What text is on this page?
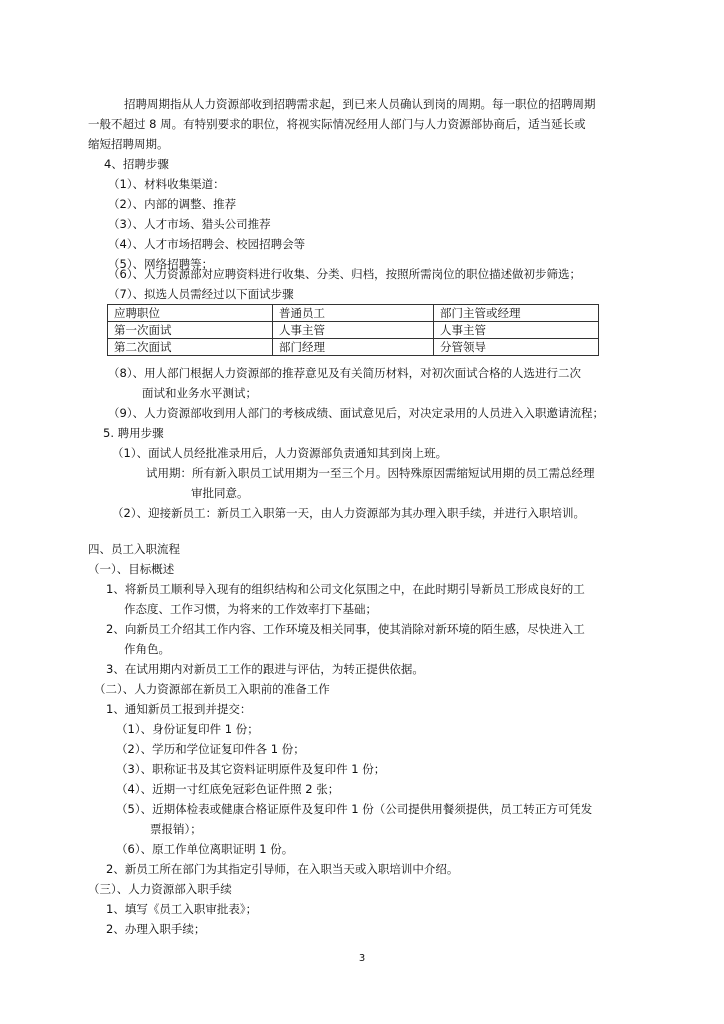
招聘周期指从人力资源部收到招聘需求起，到已来人员确认到岗的周期。每一职位的招聘周期
一般不超过 8 周。有特别要求的职位，将视实际情况经用人部门与人力资源部协商后，适当延长或
缩短招聘周期。
4、招聘步骤
（1）、材料收集渠道：
（2）、内部的调整、推荐
（3）、人才市场、猎头公司推荐
（4）、人才市场招聘会、校园招聘会等
（5）、网络招聘等；
（6）、人力资源部对应聘资料进行收集、分类、归档，按照所需岗位的职位描述做初步筛选；
（7）、拟选人员需经过以下面试步骤
应聘职位	普通员工	部门主管或经理
第一次面试	人事主管	人事主管
第二次面试	部门经理	分管领导
（8）、用人部门根据人力资源部的推荐意见及有关简历材料，对初次面试合格的人选进行二次
面试和业务水平测试；
（9）、人力资源部收到用人部门的考核成绩、面试意见后，对决定录用的人员进入入职邀请流程；
5. 聘用步骤
（1）、面试人员经批准录用后，人力资源部负责通知其到岗上班。
试用期：所有新入职员工试用期为一至三个月。因特殊原因需缩短试用期的员工需总经理
审批同意。
（2）、迎接新员工：新员工入职第一天，由人力资源部为其办理入职手续，并进行入职培训。
四、员工入职流程
（一）、目标概述
1、将新员工顺利导入现有的组织结构和公司文化氛围之中，在此时期引导新员工形成良好的工
作态度、工作习惯，为将来的工作效率打下基础；
2、向新员工介绍其工作内容、工作环境及相关同事，使其消除对新环境的陌生感，尽快进入工
作角色。
3、在试用期内对新员工工作的跟进与评估，为转正提供依据。
（二）、人力资源部在新员工入职前的准备工作
1、通知新员工报到并提交：
（1）、身份证复印件 1 份；
（2）、学历和学位证复印件各 1 份；
（3）、职称证书及其它资料证明原件及复印件 1 份；
（4）、近期一寸红底免冠彩色证件照 2 张；
（5）、近期体检表或健康合格证原件及复印件 1 份（公司提供用餐须提供，员工转正方可凭发
票报销）；
（6）、原工作单位离职证明 1 份。
2、新员工所在部门为其指定引导师，在入职当天或入职培训中介绍。
（三）、人力资源部入职手续
1、填写《员工入职审批表》；
2、办理入职手续；
3
